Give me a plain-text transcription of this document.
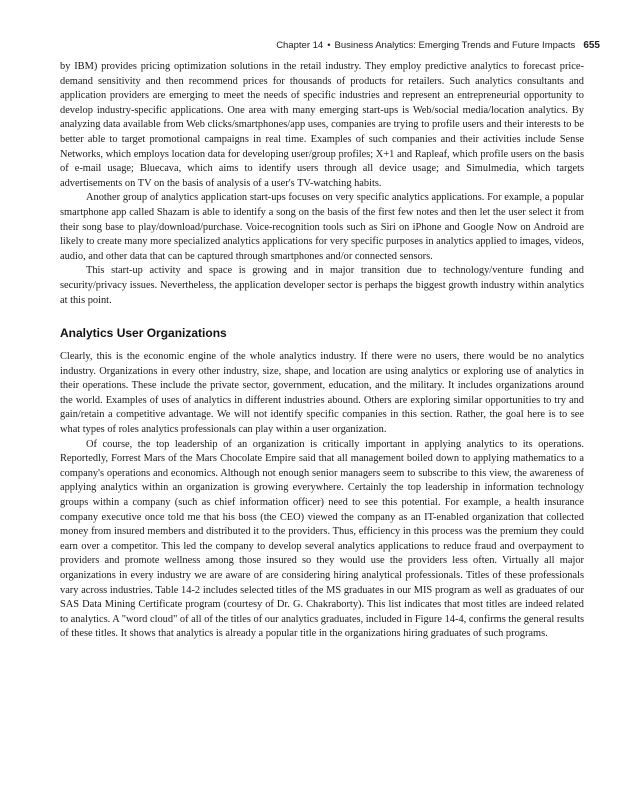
Chapter 14 • Business Analytics: Emerging Trends and Future Impacts 655

by IBM) provides pricing optimization solutions in the retail industry. They employ predictive analytics to forecast price-demand sensitivity and then recommend prices for thousands of products for retailers. Such analytics consultants and application providers are emerging to meet the needs of specific industries and represent an entrepreneurial opportunity to develop industry-specific applications. One area with many emerging start-ups is Web/social media/location analytics. By analyzing data available from Web clicks/smartphones/app uses, companies are trying to profile users and their interests to be better able to target promotional campaigns in real time. Examples of such companies and their activities include Sense Networks, which employs location data for developing user/group profiles; X+1 and Rapleaf, which profile users on the basis of e-mail usage; Bluecava, which aims to identify users through all device usage; and Simulmedia, which targets advertisements on TV on the basis of analysis of a user's TV-watching habits.

Another group of analytics application start-ups focuses on very specific analytics applications. For example, a popular smartphone app called Shazam is able to identify a song on the basis of the first few notes and then let the user select it from their song base to play/download/purchase. Voice-recognition tools such as Siri on iPhone and Google Now on Android are likely to create many more specialized analytics applications for very specific purposes in analytics applied to images, videos, audio, and other data that can be captured through smartphones and/or connected sensors.

This start-up activity and space is growing and in major transition due to technology/venture funding and security/privacy issues. Nevertheless, the application developer sector is perhaps the biggest growth industry within analytics at this point.

Analytics User Organizations

Clearly, this is the economic engine of the whole analytics industry. If there were no users, there would be no analytics industry. Organizations in every other industry, size, shape, and location are using analytics or exploring use of analytics in their operations. These include the private sector, government, education, and the military. It includes organizations around the world. Examples of uses of analytics in different industries abound. Others are exploring similar opportunities to try and gain/retain a competitive advantage. We will not identify specific companies in this section. Rather, the goal here is to see what types of roles analytics professionals can play within a user organization.

Of course, the top leadership of an organization is critically important in applying analytics to its operations. Reportedly, Forrest Mars of the Mars Chocolate Empire said that all management boiled down to applying mathematics to a company's operations and economics. Although not enough senior managers seem to subscribe to this view, the awareness of applying analytics within an organization is growing everywhere. Certainly the top leadership in information technology groups within a company (such as chief information officer) need to see this potential. For example, a health insurance company executive once told me that his boss (the CEO) viewed the company as an IT-enabled organization that collected money from insured members and distributed it to the providers. Thus, efficiency in this process was the premium they could earn over a competitor. This led the company to develop several analytics applications to reduce fraud and overpayment to providers and promote wellness among those insured so they would use the providers less often. Virtually all major organizations in every industry we are aware of are considering hiring analytical professionals. Titles of these professionals vary across industries. Table 14-2 includes selected titles of the MS graduates in our MIS program as well as graduates of our SAS Data Mining Certificate program (courtesy of Dr. G. Chakraborty). This list indicates that most titles are indeed related to analytics. A "word cloud" of all of the titles of our analytics graduates, included in Figure 14-4, confirms the general results of these titles. It shows that analytics is already a popular title in the organizations hiring graduates of such programs.
